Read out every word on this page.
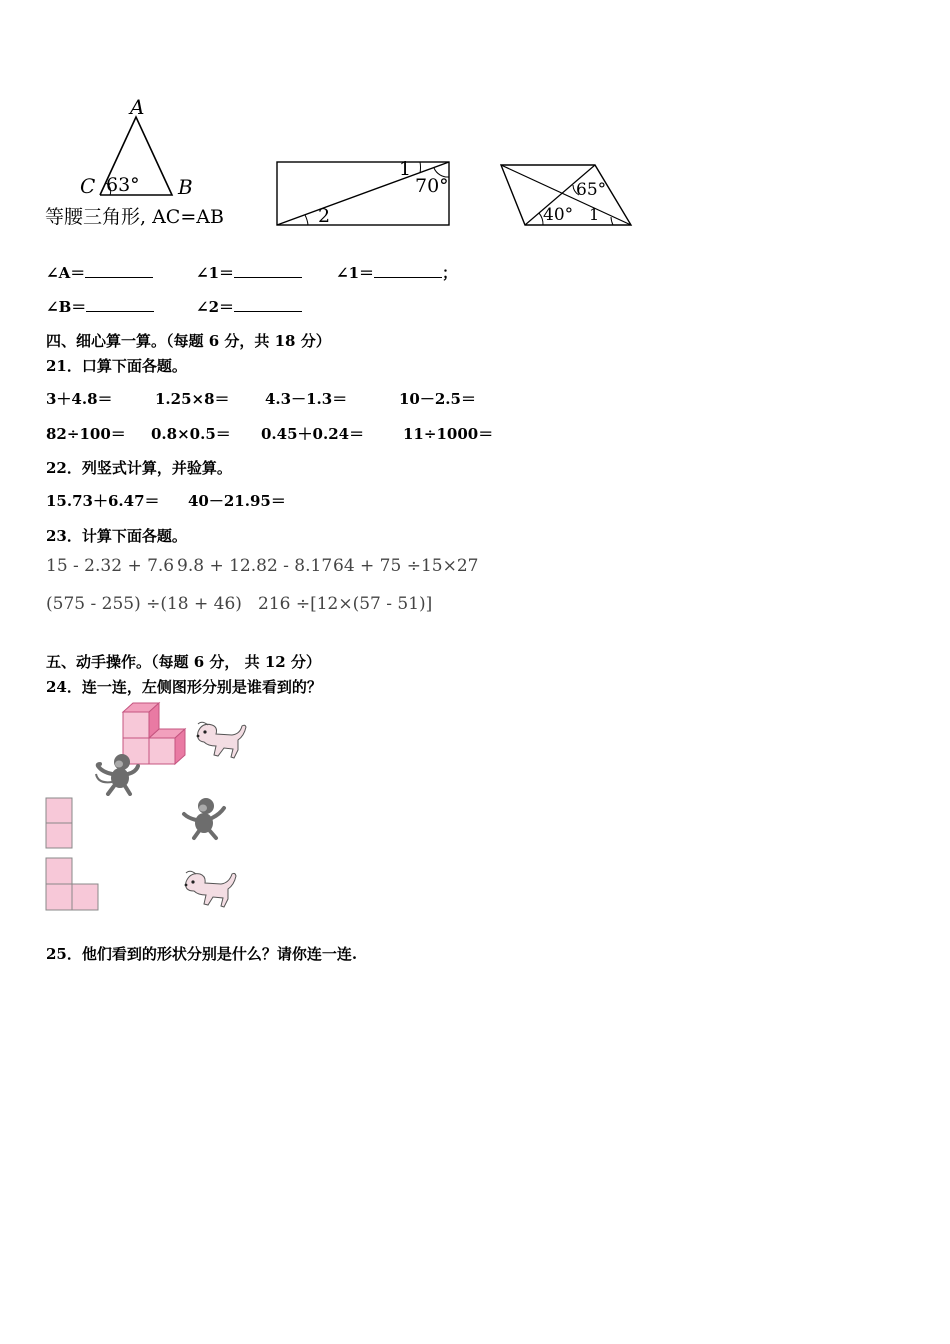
A
C 63° B
等腰三角形, AC=AB
1
70°
2
65°
40° 1
∠A＝	∠1＝	∠1＝	；
∠B＝	∠2＝
四、细心算一算。（每题 6 分，共 18 分）
21．口算下面各题。
3＋4.8＝	1.25×8＝ 4.3－1.3＝	10－2.5＝
82÷100＝ 0.8×0.5＝ 0.45＋0.24＝	11÷1000＝
22．列竖式计算，并验算。
15.73＋6.47＝ 40－21.95＝
23．计算下面各题。
15 - 2.32 + 7.6 9.8 + 12.82 - 8.17 64 + 75 ÷15×27
(575 - 255) ÷(18 + 46) 216 ÷[12×(57 - 51)]
五、动手操作。（每题 6 分， 共 12 分）
24．连一连，左侧图形分别是谁看到的？
25．他们看到的形状分别是什么？请你连一连.
